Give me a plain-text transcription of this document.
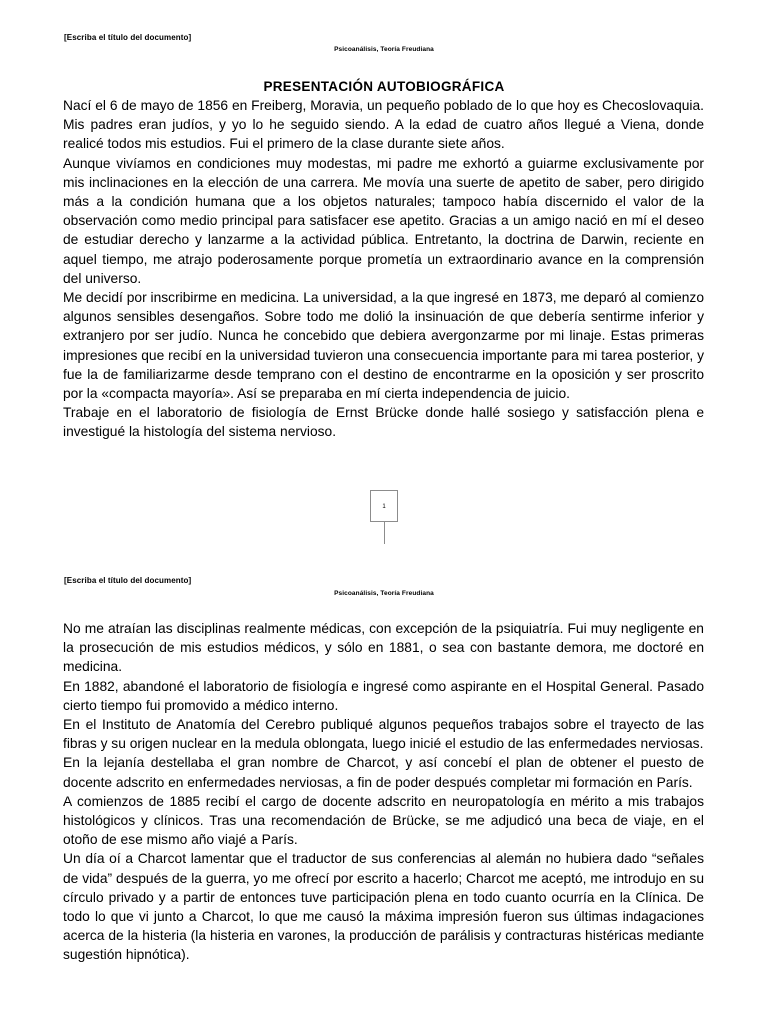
[Escriba el título del documento]
Psicoanálisis, Teoría Freudiana
PRESENTACIÓN AUTOBIOGRÁFICA

Nací el 6 de mayo de 1856 en Freiberg, Moravia, un pequeño poblado de lo que hoy es Checoslovaquia. Mis padres eran judíos, y yo lo he seguido siendo. A la edad de cuatro años llegué a Viena, donde realicé todos mis estudios. Fui el primero de la clase durante siete años.

Aunque vivíamos en condiciones muy modestas, mi padre me exhortó a guiarme exclusivamente por mis inclinaciones en la elección de una carrera. Me movía una suerte de apetito de saber, pero dirigido más a la condición humana que a los objetos naturales; tampoco había discernido el valor de la observación como medio principal para satisfacer ese apetito. Gracias a un amigo nació en mí el deseo de estudiar derecho y lanzarme a la actividad pública. Entretanto, la doctrina de Darwin, reciente en aquel tiempo, me atrajo poderosamente porque prometía un extraordinario avance en la comprensión del universo.

Me decidí por inscribirme en medicina. La universidad, a la que ingresé en 1873, me deparó al comienzo algunos sensibles desengaños. Sobre todo me dolió la insinuación de que debería sentirme inferior y extranjero por ser judío. Nunca he concebido que debiera avergonzarme por mi linaje. Estas primeras impresiones que recibí en la universidad tuvieron una consecuencia importante para mi tarea posterior, y fue la de familiarizarme desde temprano con el destino de encontrarme en la oposición y ser proscrito por la «compacta mayoría». Así se preparaba en mí cierta independencia de juicio.

Trabaje en el laboratorio de fisiología de Ernst Brücke donde hallé sosiego y satisfacción plena e investigué la histología del sistema nervioso.

1
[Escriba el título del documento]
Psicoanálisis, Teoría Freudiana

No me atraían las disciplinas realmente médicas, con excepción de la psiquiatría. Fui muy negligente en la prosecución de mis estudios médicos, y sólo en 1881, o sea con bastante demora, me doctoré en medicina.

En 1882, abandoné el laboratorio de fisiología e ingresé como aspirante en el Hospital General. Pasado cierto tiempo fui promovido a médico interno.

En el Instituto de Anatomía del Cerebro publiqué algunos pequeños trabajos sobre el trayecto de las fibras y su origen nuclear en la medula oblongata, luego inicié el estudio de las enfermedades nerviosas.

En la lejanía destellaba el gran nombre de Charcot, y así concebí el plan de obtener el puesto de docente adscrito en enfermedades nerviosas, a fin de poder después completar mi formación en París.

A comienzos de 1885 recibí el cargo de docente adscrito en neuropatología en mérito a mis trabajos histológicos y clínicos. Tras una recomendación de Brücke, se me adjudicó una beca de viaje, en el otoño de ese mismo año viajé a París.

Un día oí a Charcot lamentar que el traductor de sus conferencias al alemán no hubiera dado “señales de vida” después de la guerra, yo me ofrecí por escrito a hacerlo; Charcot me aceptó, me introdujo en su círculo privado y a partir de entonces tuve participación plena en todo cuanto ocurría en la Clínica. De todo lo que vi junto a Charcot, lo que me causó la máxima impresión fueron sus últimas indagaciones acerca de la histeria (la histeria en varones, la producción de parálisis y contracturas histéricas mediante sugestión hipnótica).
